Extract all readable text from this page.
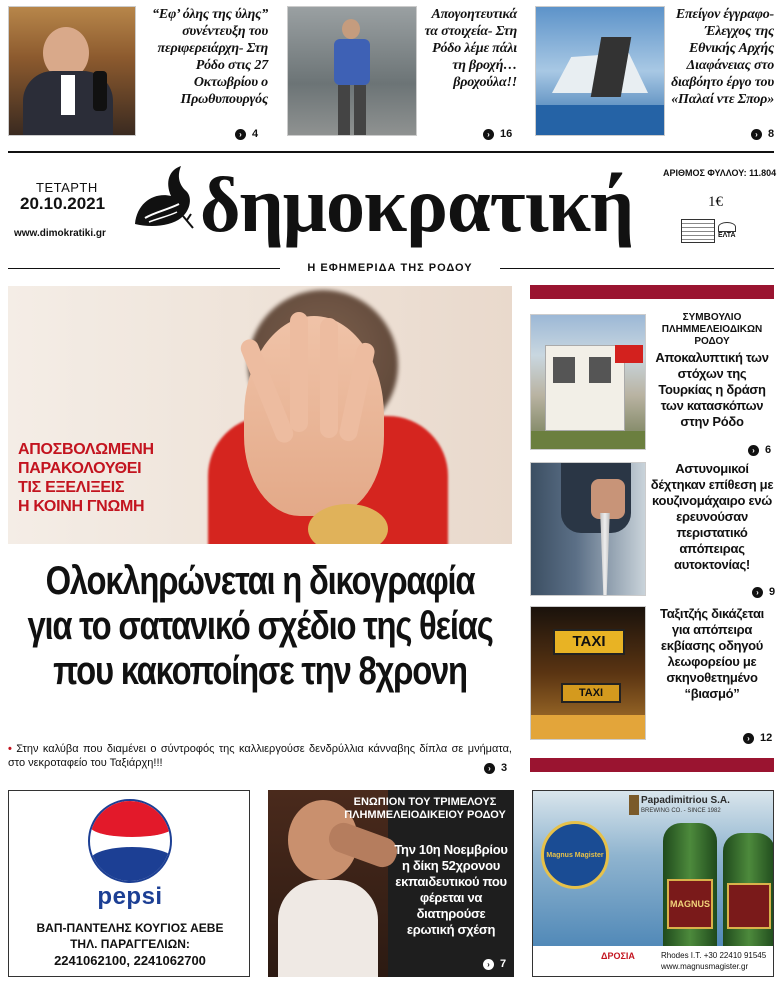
“Εφ’ όλης της ύλης” συνέντευξη του περιφερειάρχη- Στη Ρόδο στις 27 Οκτωβρίου ο Πρωθυπουργός
› 4
Απογοητευτικά τα στοιχεία- Στη Ρόδο λέμε πάλι τη βροχή… βροχούλα!!
› 16
Επείγον έγγραφο- Έλεγχος της Εθνικής Αρχής Διαφάνειας στο διαβόητο έργο του «Παλαί ντε Σπορ»
› 8
ΤΕΤΑΡΤΗ
20.10.2021
www.dimokratiki.gr δημοκρατική	ΑΡΙΘΜΟΣ ΦΥΛΛΟΥ: 11.804
1€
ΕΛΤΑ
Η ΕΦΗΜΕΡΙΔΑ ΤΗΣ ΡΟΔΟΥ
ΑΠΟΣΒΟΛΩΜΕΝΗ
ΠΑΡΑΚΟΛΟΥΘΕΙ
ΤΙΣ ΕΞΕΛΙΞΕΙΣ
Η ΚΟΙΝΗ ΓΝΩΜΗ
Ολοκληρώνεται η δικογραφία
για το σατανικό σχέδιο της θείας
που κακοποίησε την 8χρονη
• Στην καλύβα που διαμένει ο σύντροφός της καλλιεργούσε δενδρύλλια κάνναβης δίπλα σε μνήματα, στο νεκροταφείο του Ταξιάρχη!!!	› 3
ΣΥΜΒΟΥΛΙΟ ΠΛΗΜΜΕΛΕΙΟΔΙΚΩΝ ΡΟΔΟΥ
Αποκαλυπτική των στόχων της Τουρκίας η δράση των κατασκόπων στην Ρόδο
› 6
Αστυνομικοί δέχτηκαν επίθεση με κουζινομάχαιρο ενώ ερευνούσαν περιστατικό απόπειρας αυτοκτονίας!
› 9
TAXI
TAXI
Ταξιτζής δικάζεται για απόπειρα εκβίασης οδηγού λεωφορείου με σκηνοθετημένο “βιασμό”
› 12
pepsi
ΒΑΠ-ΠΑΝΤΕΛΗΣ ΚΟΥΓΙΟΣ ΑΕΒΕ
ΤΗΛ. ΠΑΡΑΓΓΕΛΙΩΝ:
2241062100, 2241062700
ΕΝΩΠΙΟΝ ΤΟΥ ΤΡΙΜΕΛΟΥΣ ΠΛΗΜΜΕΛΕΙΟΔΙΚΕΙΟΥ ΡΟΔΟΥ
Την 10η Νοεμβρίου η δίκη 52χρονου εκπαιδευτικού που φέρεται να διατηρούσε ερωτική σχέση
› 7
Papadimitriou S.A.
BREWING CO. - SINCE 1982
Magnus Magister
MAGNUS
ΔΡΟΣΙΑ	Rhodes I.T. +30 22410 91545
www.magnusmagister.gr
